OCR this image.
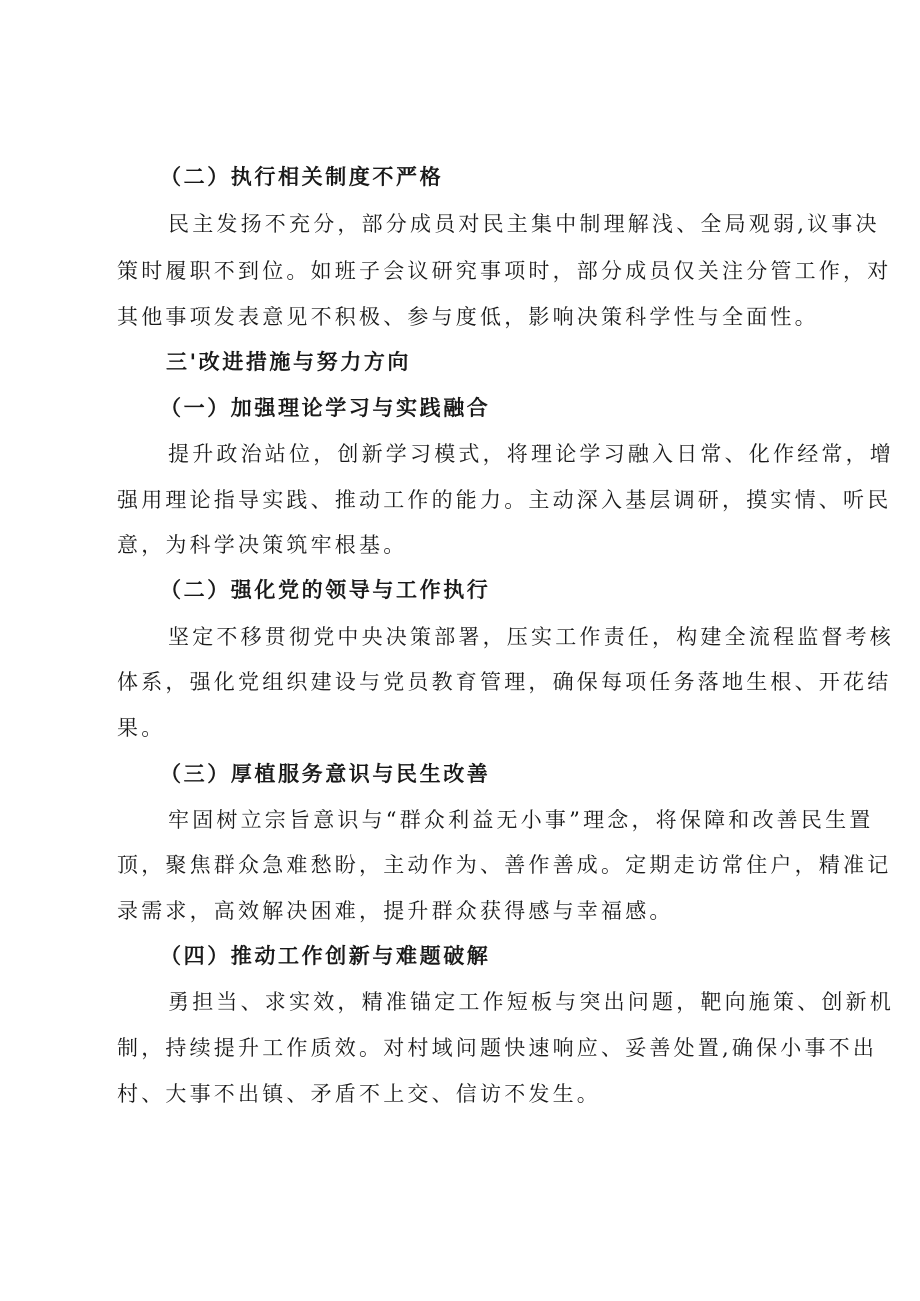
（二）执行相关制度不严格
民主发扬不充分，部分成员对民主集中制理解浅、全局观弱,议事决
策时履职不到位。如班子会议研究事项时，部分成员仅关注分管工作，对
其他事项发表意见不积极、参与度低，影响决策科学性与全面性。
三'改进措施与努力方向
（一）加强理论学习与实践融合
提升政治站位，创新学习模式，将理论学习融入日常、化作经常，增
强用理论指导实践、推动工作的能力。主动深入基层调研，摸实情、听民
意，为科学决策筑牢根基。
（二）强化党的领导与工作执行
坚定不移贯彻党中央决策部署，压实工作责任，构建全流程监督考核
体系，强化党组织建设与党员教育管理，确保每项任务落地生根、开花结
果。
（三）厚植服务意识与民生改善
牢固树立宗旨意识与“群众利益无小事”理念，将保障和改善民生置
顶，聚焦群众急难愁盼，主动作为、善作善成。定期走访常住户，精准记
录需求，高效解决困难，提升群众获得感与幸福感。
（四）推动工作创新与难题破解
勇担当、求实效，精准锚定工作短板与突出问题，靶向施策、创新机
制，持续提升工作质效。对村域问题快速响应、妥善处置,确保小事不出
村、大事不出镇、矛盾不上交、信访不发生。
